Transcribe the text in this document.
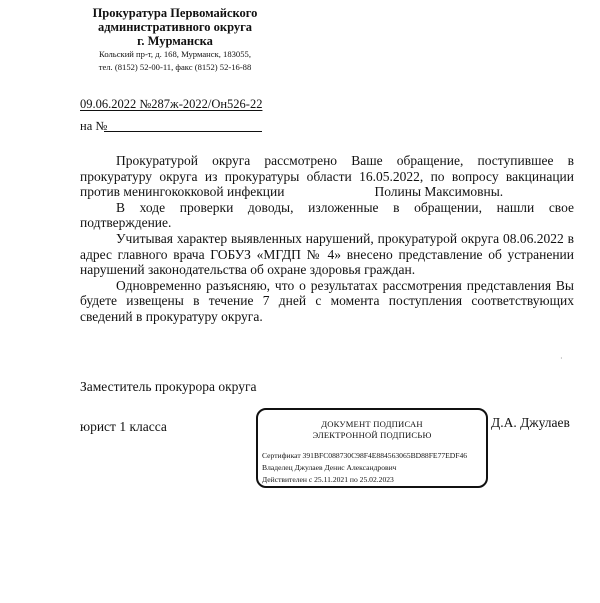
Прокуратура Первомайского
административного округа
г. Мурманска
Кольский пр-т, д. 168, Мурманск, 183055,
тел. (8152) 52-00-11, факс (8152) 52-16-88
09.06.2022 №287ж-2022/Он526-22
на №

Прокуратурой округа рассмотрено Ваше обращение, поступившее в прокуратуру округа из прокуратуры области 16.05.2022, по вопросу вакцинации против менингококковой инфекции	Полины Максимовны.

В ходе проверки доводы, изложенные в обращении, нашли свое подтверждение.

Учитывая характер выявленных нарушений, прокуратурой округа 08.06.2022 в адрес главного врача ГОБУЗ «МГДП № 4» внесено представление об устранении нарушений законодательства об охране здоровья граждан.

Одновременно разъясняю, что о результатах рассмотрения представления Вы будете извещены в течение 7 дней с момента поступления соответствующих сведений в прокуратуру округа.

·
Заместитель прокурора округа
юрист 1 класса	Д.А. Джулаев
ДОКУМЕНТ ПОДПИСАН
ЭЛЕКТРОННОЙ ПОДПИСЬЮ
Сертификат 391BFC088730C98F4E884563065BD88FE77EDF46
Владелец Джулаев Денис Александрович
Действителен с 25.11.2021 по 25.02.2023
